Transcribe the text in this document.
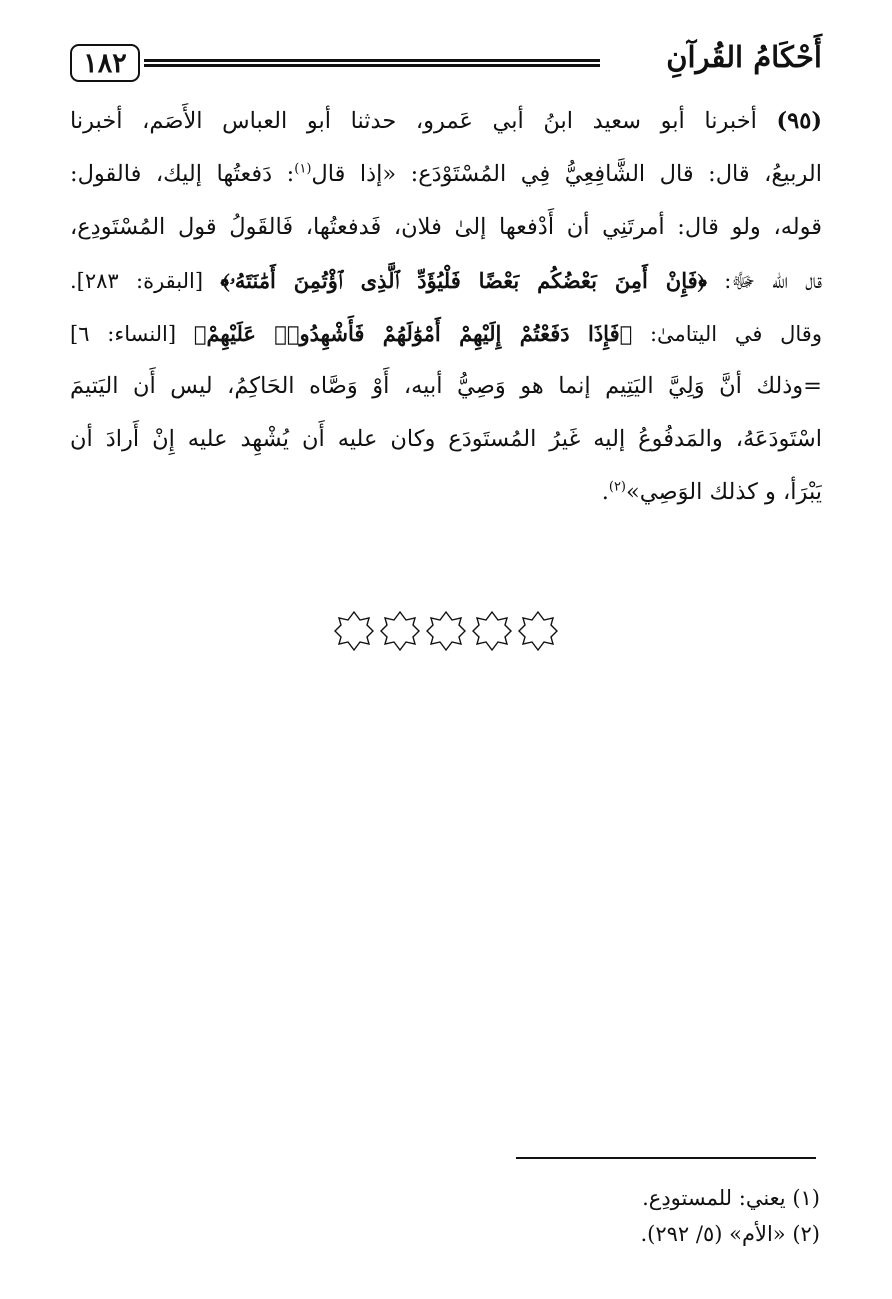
١٨٢	أَحْكَامُ القُرآنِ
(٩٥) أخبرنا أبو سعيد ابنُ أبي عَمرو، حدثنا أبو العباس الأَصَم، أخبرنا
الربيعُ، قال: قال الشَّافِعِيُّ فِي المُسْتَوْدَع: «إذا قال$^{(١)}$: دَفعتُها إليك، فالقول:
قوله، ولو قال: أمرتَنِي أن أَدْفعها إلىٰ فلان، فَدفعتُها، فَالقَولُ قول المُسْتَودِع،
قال الله ﷻ: ﴿فَإِنْ أَمِنَ بَعْضُكُم بَعْضًا فَلْيُؤَدِّ ٱلَّذِى ٱؤْتُمِنَ أَمَٰنَتَهُۥ﴾ [البقرة: ٢٨٣].
وقال في اليتامىٰ: ﴿فَإِذَا دَفَعْتُمْ إِلَيْهِمْ أَمْوَٰلَهُمْ فَأَشْهِدُوا۟ عَلَيْهِمْ﴾ [النساء: ٦]
=وذلك أنَّ وَلِيَّ اليَتِيم إنما هو وَصِيُّ أبيه، أَوْ وَصَّاه الحَاكِمُ، ليس أَن اليَتيمَ
اسْتَودَعَهُ، والمَدفُوعُ إليه غَيرُ المُستَودَع وكان عليه أَن يُشْهِد عليه إِنْ أَرادَ أن
يَبْرَأ، و كذلك الوَصِي»$^{(٢)}$.
(١) يعني: للمستودِع.
(٢) «الأم» (٥/ ٢٩٢).
